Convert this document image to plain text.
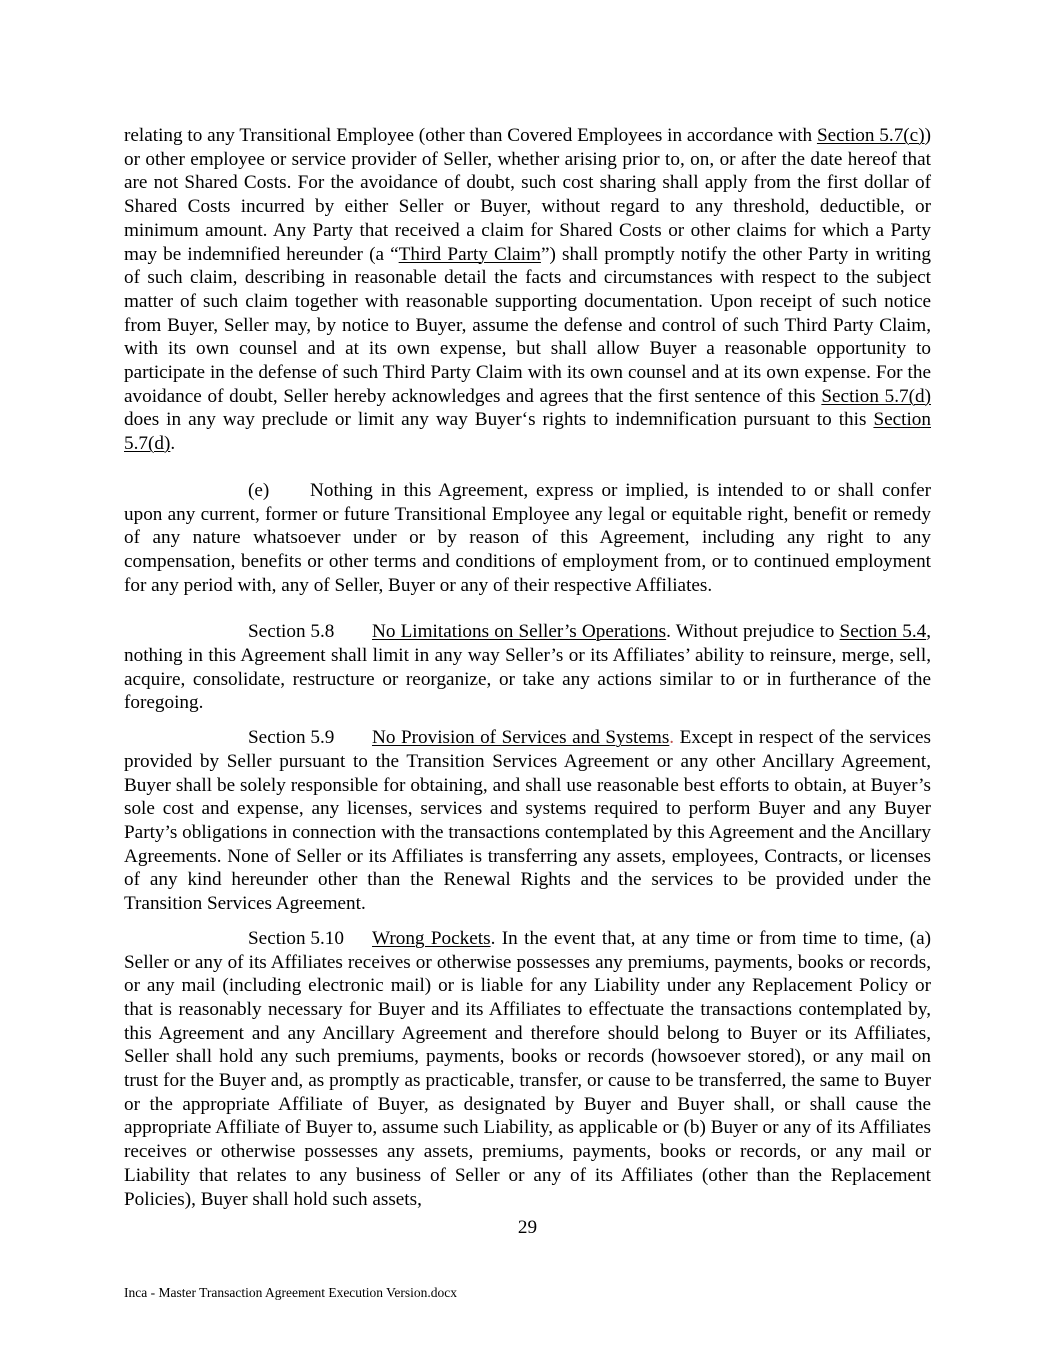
relating to any Transitional Employee (other than Covered Employees in accordance with Section 5.7(c)) or other employee or service provider of Seller, whether arising prior to, on, or after the date hereof that are not Shared Costs. For the avoidance of doubt, such cost sharing shall apply from the first dollar of Shared Costs incurred by either Seller or Buyer, without regard to any threshold, deductible, or minimum amount. Any Party that received a claim for Shared Costs or other claims for which a Party may be indemnified hereunder (a “Third Party Claim”) shall promptly notify the other Party in writing of such claim, describing in reasonable detail the facts and circumstances with respect to the subject matter of such claim together with reasonable supporting documentation. Upon receipt of such notice from Buyer, Seller may, by notice to Buyer, assume the defense and control of such Third Party Claim, with its own counsel and at its own expense, but shall allow Buyer a reasonable opportunity to participate in the defense of such Third Party Claim with its own counsel and at its own expense. For the avoidance of doubt, Seller hereby acknowledges and agrees that the first sentence of this Section 5.7(d) does in any way preclude or limit any way Buyer‘s rights to indemnification pursuant to this Section 5.7(d).

(e) Nothing in this Agreement, express or implied, is intended to or shall confer upon any current, former or future Transitional Employee any legal or equitable right, benefit or remedy of any nature whatsoever under or by reason of this Agreement, including any right to any compensation, benefits or other terms and conditions of employment from, or to continued employment for any period with, any of Seller, Buyer or any of their respective Affiliates.

Section 5.8 No Limitations on Seller’s Operations. Without prejudice to Section 5.4, nothing in this Agreement shall limit in any way Seller’s or its Affiliates’ ability to reinsure, merge, sell, acquire, consolidate, restructure or reorganize, or take any actions similar to or in furtherance of the foregoing.

Section 5.9 No Provision of Services and Systems. Except in respect of the services provided by Seller pursuant to the Transition Services Agreement or any other Ancillary Agreement, Buyer shall be solely responsible for obtaining, and shall use reasonable best efforts to obtain, at Buyer’s sole cost and expense, any licenses, services and systems required to perform Buyer and any Buyer Party’s obligations in connection with the transactions contemplated by this Agreement and the Ancillary Agreements. None of Seller or its Affiliates is transferring any assets, employees, Contracts, or licenses of any kind hereunder other than the Renewal Rights and the services to be provided under the Transition Services Agreement.

Section 5.10 Wrong Pockets. In the event that, at any time or from time to time, (a) Seller or any of its Affiliates receives or otherwise possesses any premiums, payments, books or records, or any mail (including electronic mail) or is liable for any Liability under any Replacement Policy or that is reasonably necessary for Buyer and its Affiliates to effectuate the transactions contemplated by, this Agreement and any Ancillary Agreement and therefore should belong to Buyer or its Affiliates, Seller shall hold any such premiums, payments, books or records (howsoever stored), or any mail on trust for the Buyer and, as promptly as practicable, transfer, or cause to be transferred, the same to Buyer or the appropriate Affiliate of Buyer, as designated by Buyer and Buyer shall, or shall cause the appropriate Affiliate of Buyer to, assume such Liability, as applicable or (b) Buyer or any of its Affiliates receives or otherwise possesses any assets, premiums, payments, books or records, or any mail or Liability that relates to any business of Seller or any of its Affiliates (other than the Replacement Policies), Buyer shall hold such assets,

29
Inca - Master Transaction Agreement Execution Version.docx
